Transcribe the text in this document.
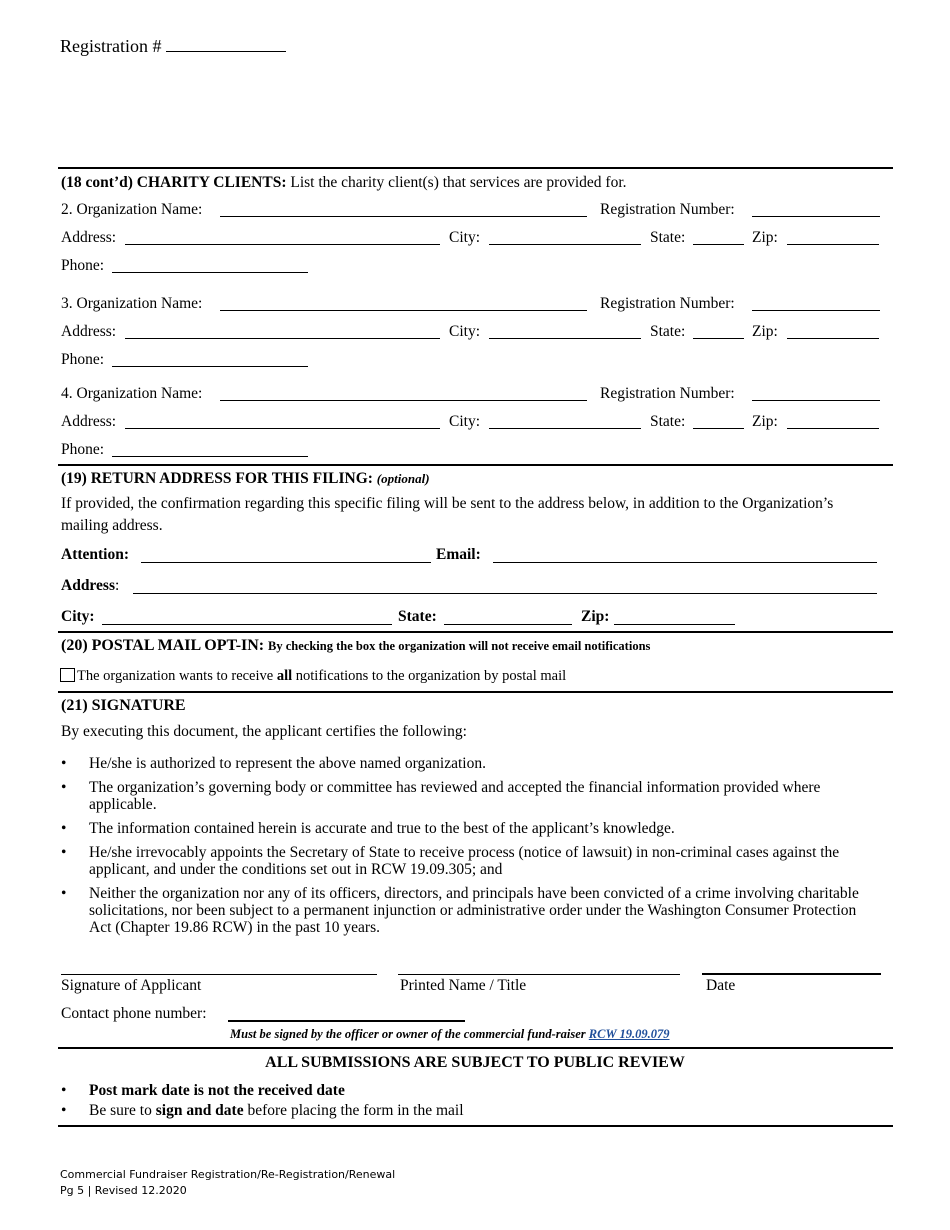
Registration #
(18 cont’d) CHARITY CLIENTS: List the charity client(s) that services are provided for.
2. Organization Name:	Registration Number:
Address:	City:	State:	Zip:
Phone:
3. Organization Name:	Registration Number:
Address:	City:	State:	Zip:
Phone:
4. Organization Name:	Registration Number:
Address:	City:	State:	Zip:
Phone:
(19) RETURN ADDRESS FOR THIS FILING: (optional)
If provided, the confirmation regarding this specific filing will be sent to the address below, in addition to the Organization’s mailing address.
Attention:	Email:
Address:
City:	State:	Zip:
(20) POSTAL MAIL OPT-IN: By checking the box the organization will not receive email notifications
The organization wants to receive all notifications to the organization by postal mail
(21) SIGNATURE
By executing this document, the applicant certifies the following:
• He/she is authorized to represent the above named organization.
• The organization’s governing body or committee has reviewed and accepted the financial information provided where applicable.
• The information contained herein is accurate and true to the best of the applicant’s knowledge.
• He/she irrevocably appoints the Secretary of State to receive process (notice of lawsuit) in non-criminal cases against the applicant, and under the conditions set out in RCW 19.09.305; and
• Neither the organization nor any of its officers, directors, and principals have been convicted of a crime involving charitable solicitations, nor been subject to a permanent injunction or administrative order under the Washington Consumer Protection Act (Chapter 19.86 RCW) in the past 10 years.
Signature of Applicant	Printed Name / Title	Date
Contact phone number:
Must be signed by the officer or owner of the commercial fund-raiser RCW 19.09.079
ALL SUBMISSIONS ARE SUBJECT TO PUBLIC REVIEW
• Post mark date is not the received date
• Be sure to sign and date before placing the form in the mail
Commercial Fundraiser Registration/Re-Registration/Renewal
Pg 5 | Revised 12.2020
